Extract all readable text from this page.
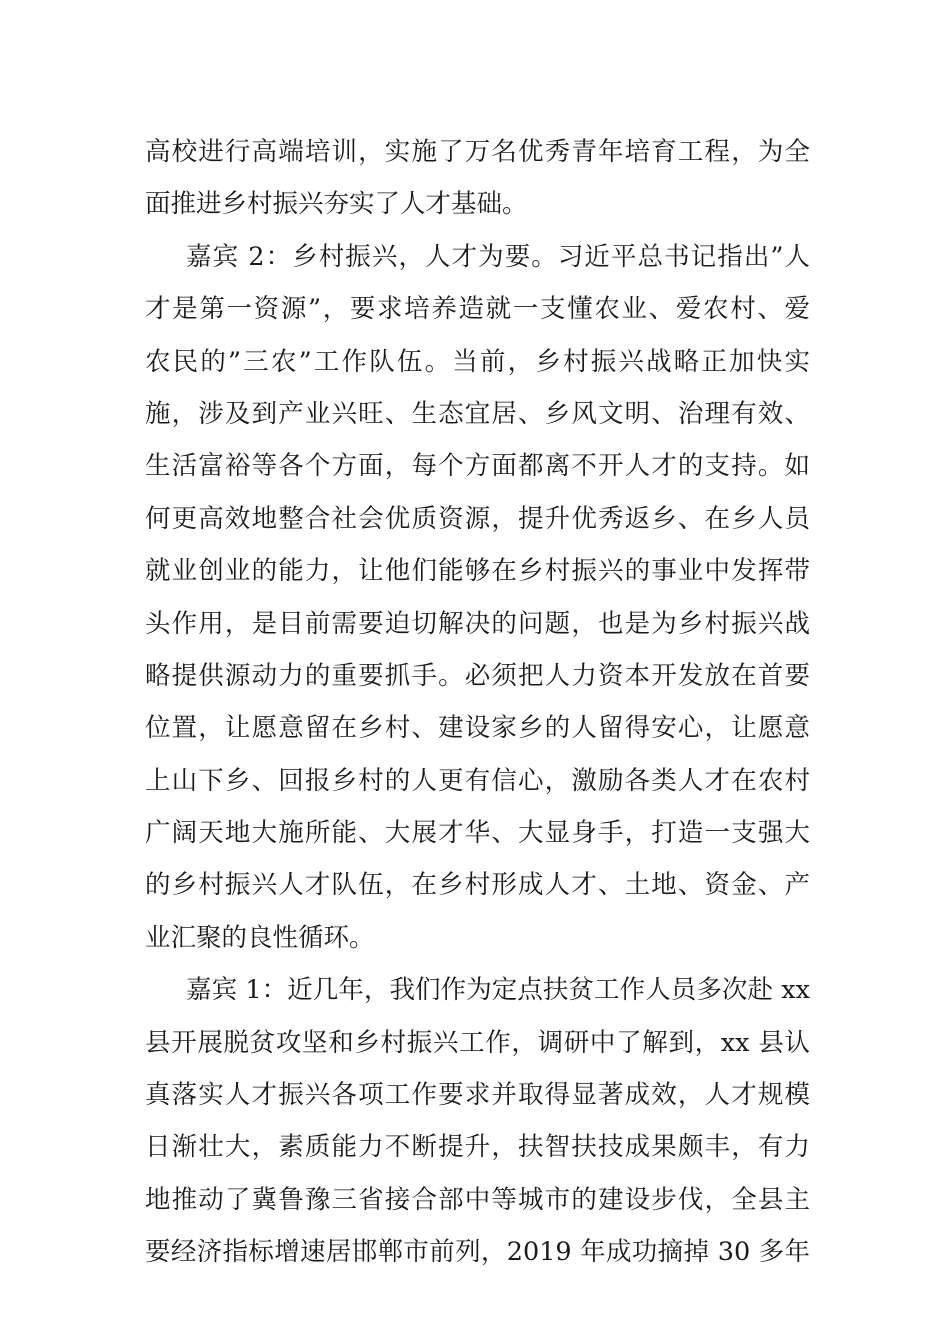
高校进行高端培训，实施了万名优秀青年培育工程，为全
面推进乡村振兴夯实了人才基础。
嘉宾 2：乡村振兴，人才为要。习近平总书记指出”人
才是第一资源”，要求培养造就一支懂农业、爱农村、爱
农民的”三农”工作队伍。当前，乡村振兴战略正加快实
施，涉及到产业兴旺、生态宜居、乡风文明、治理有效、
生活富裕等各个方面，每个方面都离不开人才的支持。如
何更高效地整合社会优质资源，提升优秀返乡、在乡人员
就业创业的能力，让他们能够在乡村振兴的事业中发挥带
头作用，是目前需要迫切解决的问题，也是为乡村振兴战
略提供源动力的重要抓手。必须把人力资本开发放在首要
位置，让愿意留在乡村、建设家乡的人留得安心，让愿意
上山下乡、回报乡村的人更有信心，激励各类人才在农村
广阔天地大施所能、大展才华、大显身手，打造一支强大
的乡村振兴人才队伍，在乡村形成人才、土地、资金、产
业汇聚的良性循环。
嘉宾 1：近几年，我们作为定点扶贫工作人员多次赴 xx
县开展脱贫攻坚和乡村振兴工作，调研中了解到，xx 县认
真落实人才振兴各项工作要求并取得显著成效，人才规模
日渐壮大，素质能力不断提升，扶智扶技成果颇丰，有力
地推动了冀鲁豫三省接合部中等城市的建设步伐，全县主
要经济指标增速居邯郸市前列，2019 年成功摘掉 30 多年
